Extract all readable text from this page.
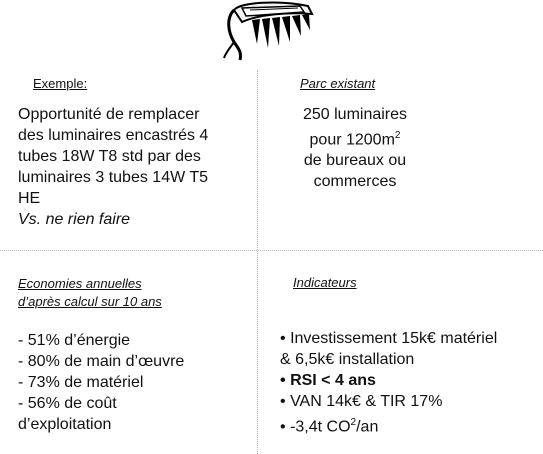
Exemple:
Opportunité de remplacer
des luminaires encastrés 4
tubes 18W T8 std par des
luminaires 3 tubes 14W T5
HE
Vs. ne rien faire
Parc existant
250 luminaires
pour $1200m^2$
de bureaux ou
commerces
Economies annuelles
d’après calcul sur 10 ans
- 51% d’énergie
- 80% de main d’œuvre
- 73% de matériel
- 56% de coût
d’exploitation
Indicateurs
• Investissement 15k€ matériel
& 6,5k€ installation
• RSI < 4 ans
• VAN 14k€ & TIR 17%
• -3,4t $CO^2/an$
